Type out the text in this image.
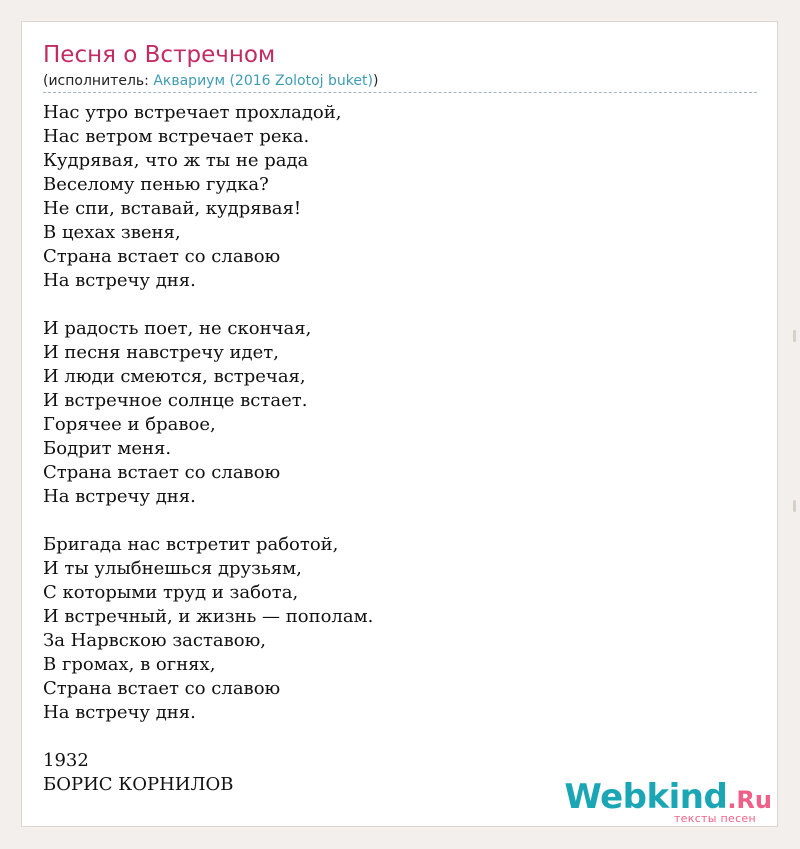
Песня о Встречном
(исполнитель: Аквариум (2016 Zolotoj buket))
Нас утро встречает прохладой,
Нас ветром встречает река.
Кудрявая, что ж ты не рада
Веселому пенью гудка?
Не спи, вставай, кудрявая!
В цехах звеня,
Страна встает со славою
На встречу дня.
И радость поет, не скончая,
И песня навстречу идет,
И люди смеются, встречая,
И встречное солнце встает.
Горячее и бравое,
Бодрит меня.
Страна встает со славою
На встречу дня.
Бригада нас встретит работой,
И ты улыбнешься друзьям,
С которыми труд и забота,
И встречный, и жизнь — пополам.
За Нарвскою заставою,
В громах, в огнях,
Страна встает со славою
На встречу дня.
1932
БОРИС КОРНИЛОВ	Webkind.Ru
тексты песен
